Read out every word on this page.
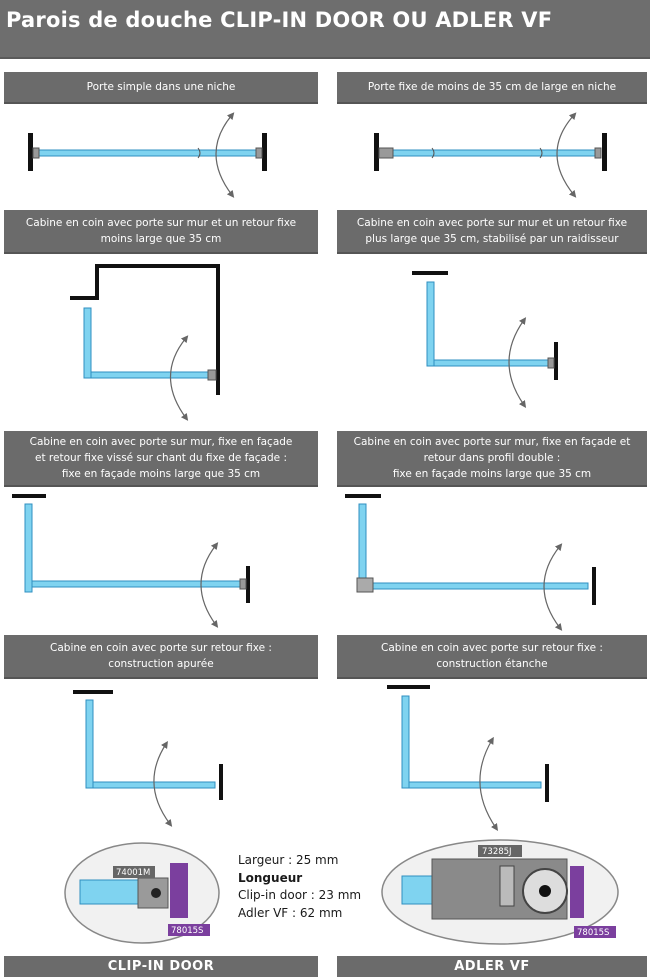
Parois de douche CLIP-IN DOOR OU ADLER VF
Porte simple dans une niche	Porte fixe de moins de 35 cm de large en niche
Cabine en coin avec porte sur mur et un retour fixe
moins large que 35 cm
Cabine en coin avec porte sur mur et un retour fixe
plus large que 35 cm, stabilisé par un raidisseur
Cabine en coin avec porte sur mur, fixe en façade
et retour fixe vissé sur chant du fixe de façade :
fixe en façade moins large que 35 cm
Cabine en coin avec porte sur mur, fixe en façade et
retour dans profil double :
fixe en façade moins large que 35 cm
Cabine en coin avec porte sur retour fixe :
construction apurée
Cabine en coin avec porte sur retour fixe :
construction étanche
74001M
78015S
73285J
78015S
Largeur : 25 mm
Longueur
Clip-in door : 23 mm
Adler VF : 62 mm
CLIP-IN DOOR	ADLER VF
